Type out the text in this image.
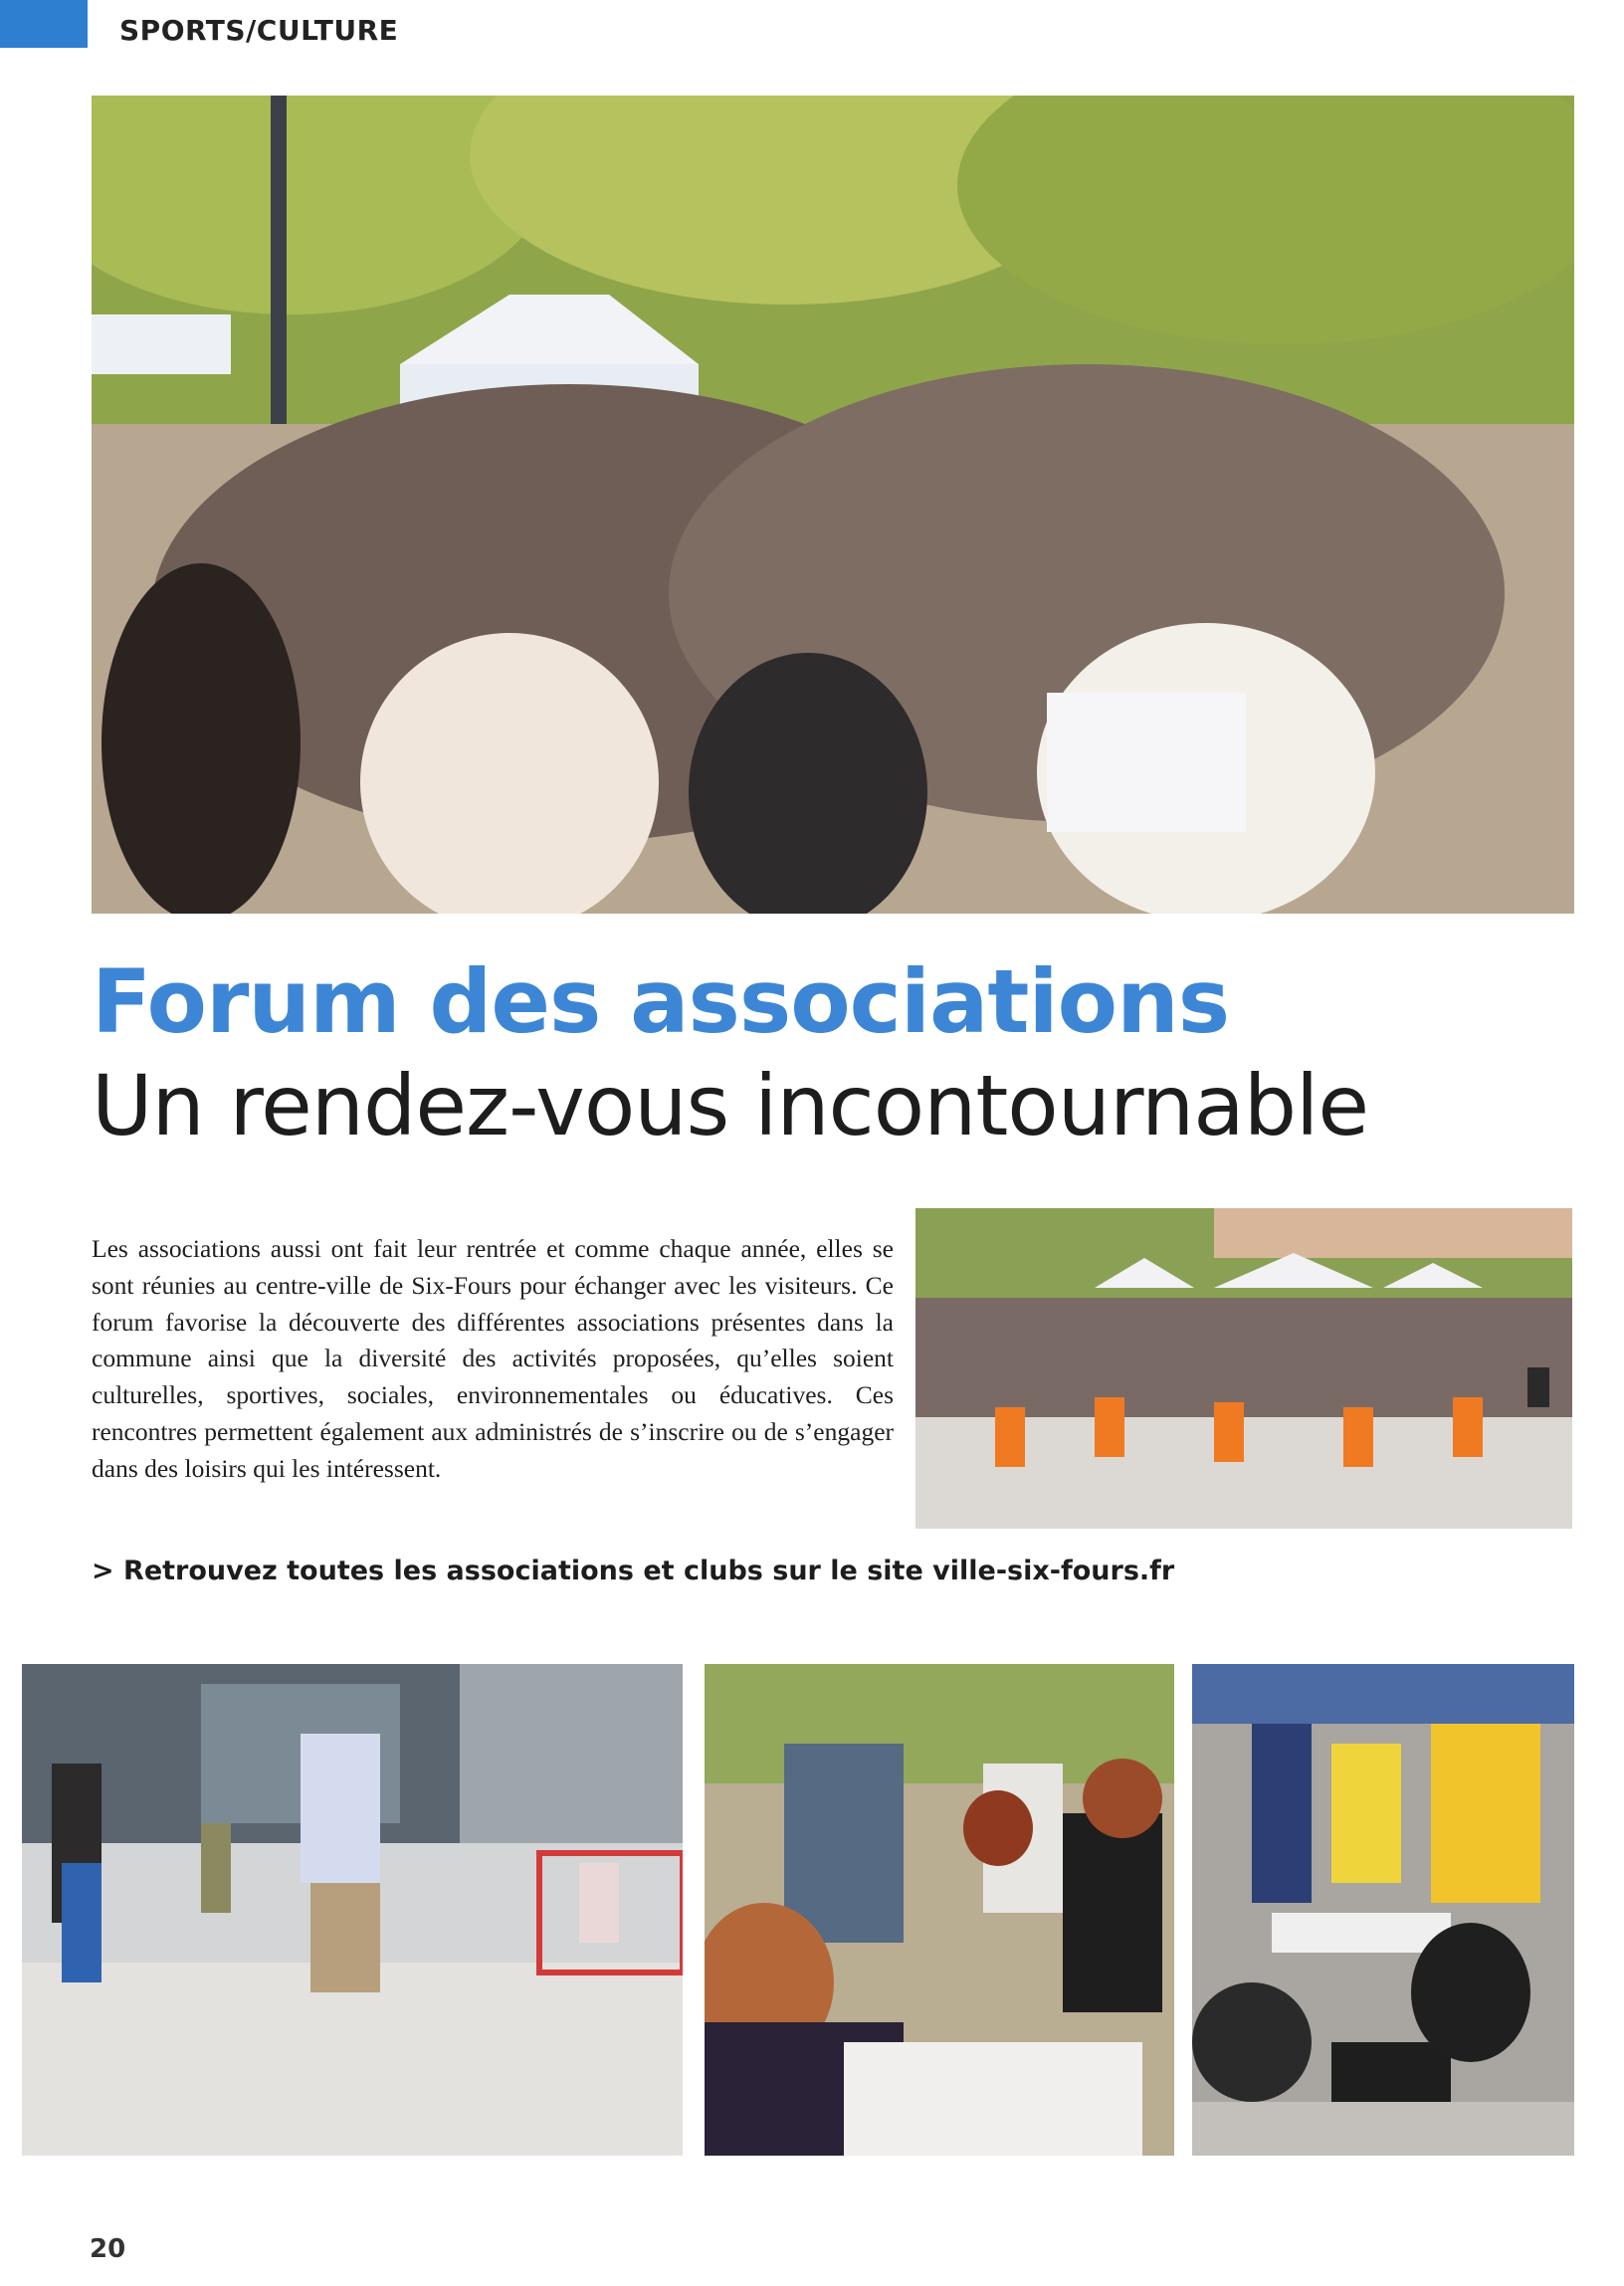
SPORTS/CULTURE
Forum des associations
Un rendez-vous incontournable
Les associations aussi ont fait leur rentrée et comme chaque année, elles se sont réunies au centre-ville de Six-Fours pour échanger avec les visiteurs. Ce forum favorise la découverte des différentes associations présentes dans la commune ainsi que la diversité des activités proposées, qu’elles soient culturelles, sportives, sociales, environnementales ou éducatives. Ces rencontres permettent également aux administrés de s’inscrire ou de s’engager dans des loisirs qui les intéressent.
> Retrouvez toutes les associations et clubs sur le site ville-six-fours.fr
20
